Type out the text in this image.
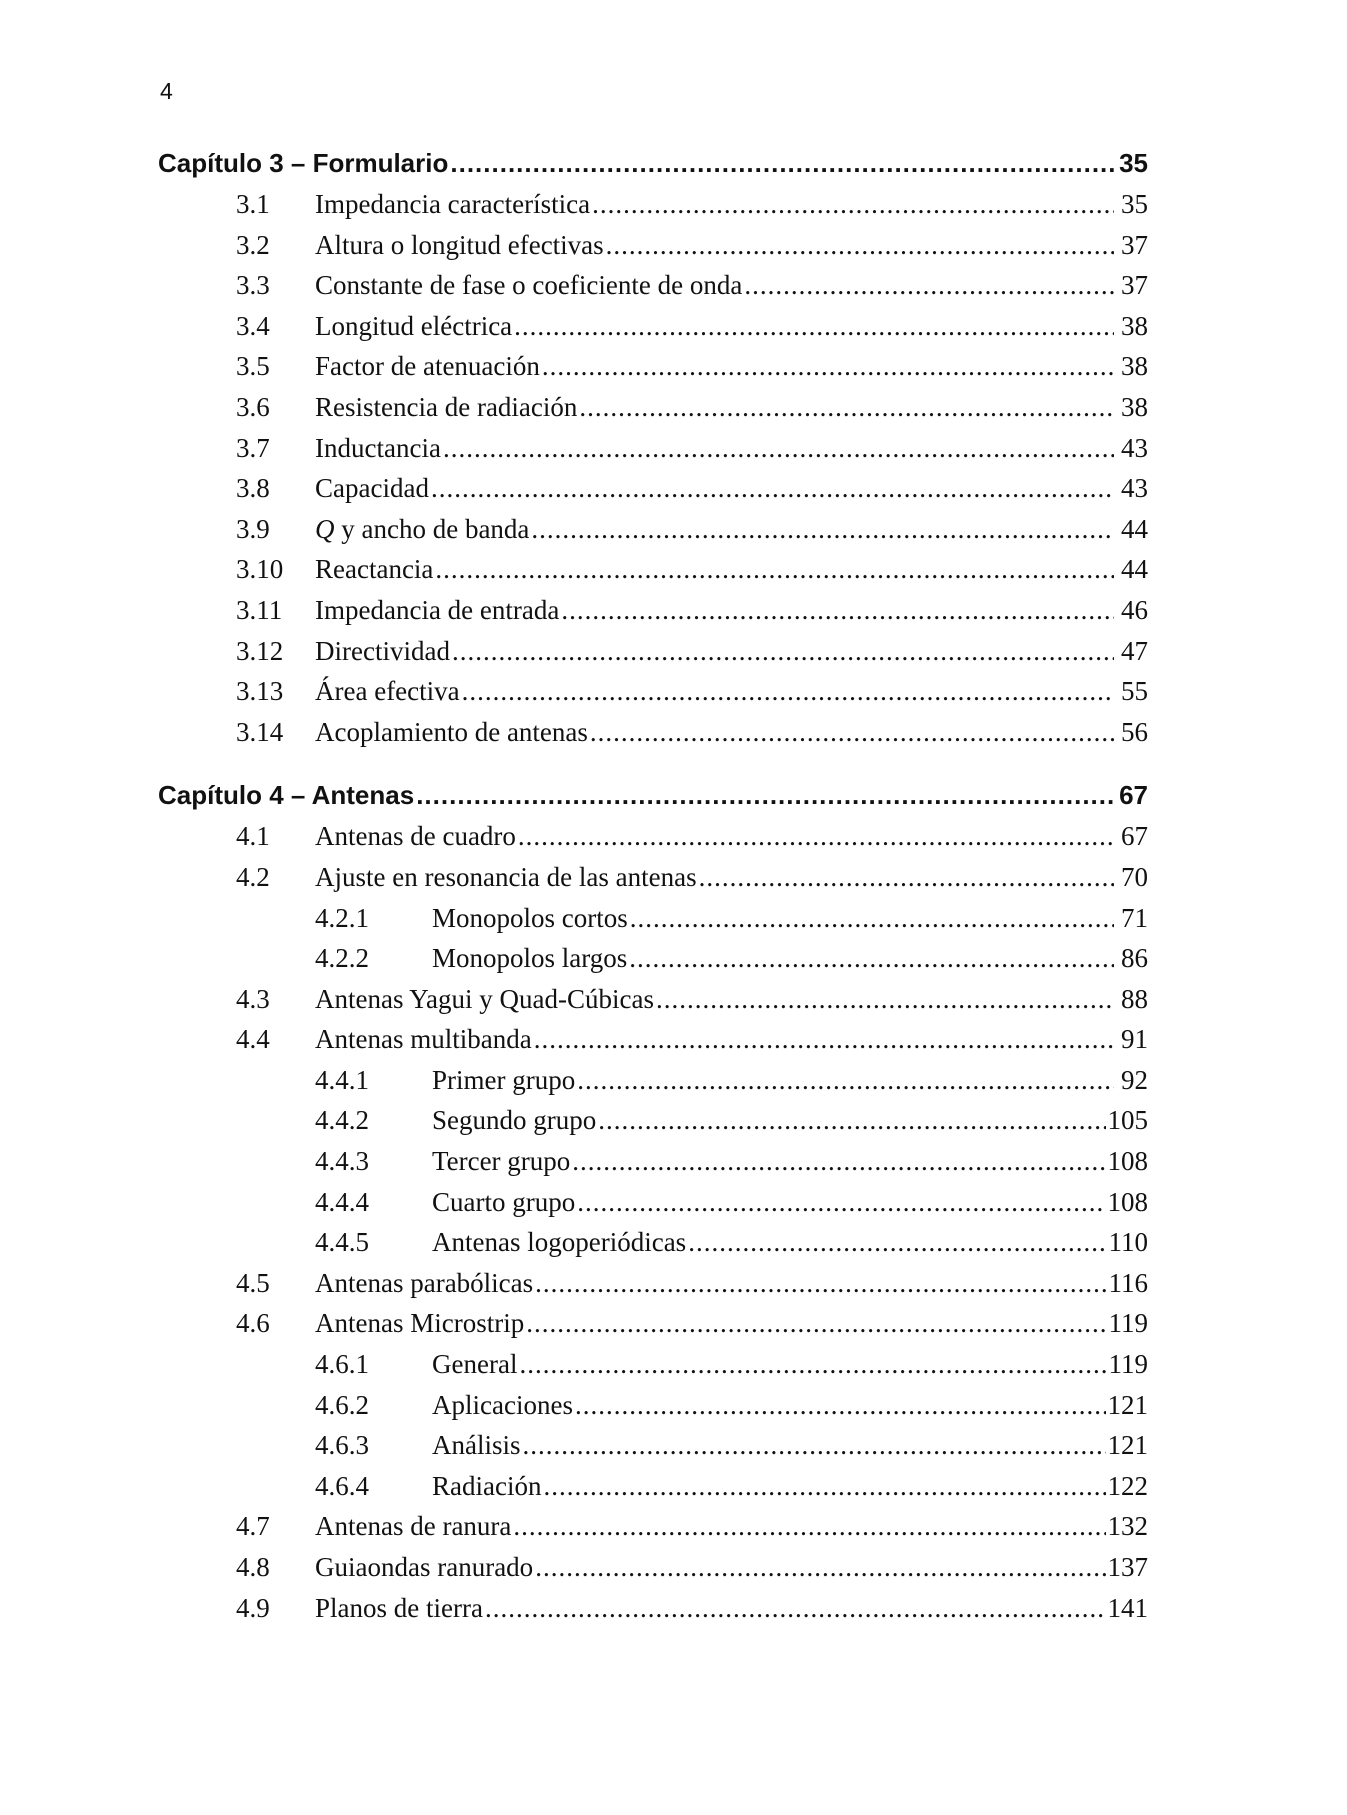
4
Capítulo 3 – Formulario .....	35
3.1	Impedancia característica .....	35
3.2	Altura o longitud efectivas .....	37
3.3	Constante de fase o coeficiente de onda .....	37
3.4	Longitud eléctrica .....	38
3.5	Factor de atenuación .....	38
3.6	Resistencia de radiación .....	38
3.7	Inductancia .....	43
3.8	Capacidad .....	43
3.9	Q y ancho de banda .....	44
3.10	Reactancia .....	44
3.11	Impedancia de entrada .....	46
3.12	Directividad .....	47
3.13	Área efectiva .....	55
3.14	Acoplamiento de antenas .....	56
Capítulo 4 – Antenas .....	67
4.1	Antenas de cuadro .....	67
4.2	Ajuste en resonancia de las antenas .....	70
4.2.1	Monopolos cortos .....	71
4.2.2	Monopolos largos .....	86
4.3	Antenas Yagui y Quad-Cúbicas .....	88
4.4	Antenas multibanda .....	91
4.4.1	Primer grupo .....	92
4.4.2	Segundo grupo .....	105
4.4.3	Tercer grupo .....	108
4.4.4	Cuarto grupo .....	108
4.4.5	Antenas logoperiódicas .....	110
4.5	Antenas parabólicas .....	116
4.6	Antenas Microstrip .....	119
4.6.1	General .....	119
4.6.2	Aplicaciones .....	121
4.6.3	Análisis .....	121
4.6.4	Radiación .....	122
4.7	Antenas de ranura .....	132
4.8	Guiaondas ranurado .....	137
4.9	Planos de tierra .....	141
